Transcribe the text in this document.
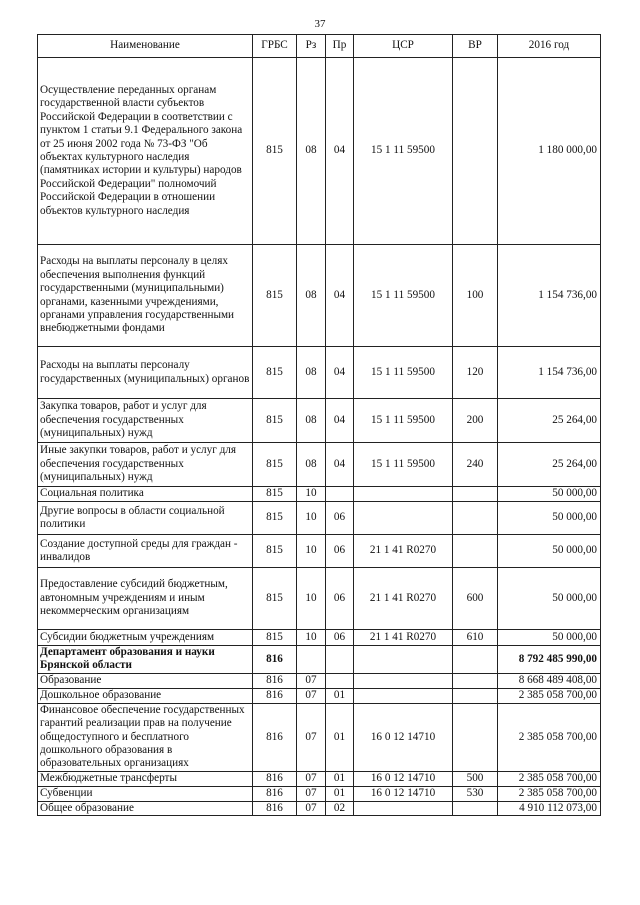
37
Наименование	ГРБС	Рз	Пр	ЦСР	ВР	2016 год
Осуществление переданных органам государственной власти субъектов Российской Федерации в соответствии с пунктом 1 статьи 9.1 Федерального закона от 25 июня 2002 года № 73-ФЗ "Об объектах культурного наследия (памятниках истории и культуры) народов Российской Федерации" полномочий Российской Федерации в отношении объектов культурного наследия	815	08	04	15 1 11 59500		1 180 000,00
Расходы на выплаты персоналу в целях обеспечения выполнения функций государственными (муниципальными) органами, казенными учреждениями, органами управления государственными внебюджетными фондами	815	08	04	15 1 11 59500	100	1 154 736,00
Расходы на выплаты персоналу государственных (муниципальных) органов	815	08	04	15 1 11 59500	120	1 154 736,00
Закупка товаров, работ и услуг для обеспечения государственных (муниципальных) нужд	815	08	04	15 1 11 59500	200	25 264,00
Иные закупки товаров, работ и услуг для обеспечения государственных (муниципальных) нужд	815	08	04	15 1 11 59500	240	25 264,00
Социальная политика	815	10				50 000,00
Другие вопросы в области социальной политики	815	10	06			50 000,00
Создание доступной среды для граждан - инвалидов	815	10	06	21 1 41 R0270		50 000,00
Предоставление субсидий бюджетным, автономным учреждениям и иным некоммерческим организациям	815	10	06	21 1 41 R0270	600	50 000,00
Субсидии бюджетным учреждениям	815	10	06	21 1 41 R0270	610	50 000,00
Департамент образования и науки Брянской области	816					8 792 485 990,00
Образование	816	07				8 668 489 408,00
Дошкольное образование	816	07	01			2 385 058 700,00
Финансовое обеспечение государственных гарантий реализации прав на получение общедоступного и бесплатного дошкольного образования в образовательных организациях	816	07	01	16 0 12 14710		2 385 058 700,00
Межбюджетные трансферты	816	07	01	16 0 12 14710	500	2 385 058 700,00
Субвенции	816	07	01	16 0 12 14710	530	2 385 058 700,00
Общее образование	816	07	02			4 910 112 073,00
